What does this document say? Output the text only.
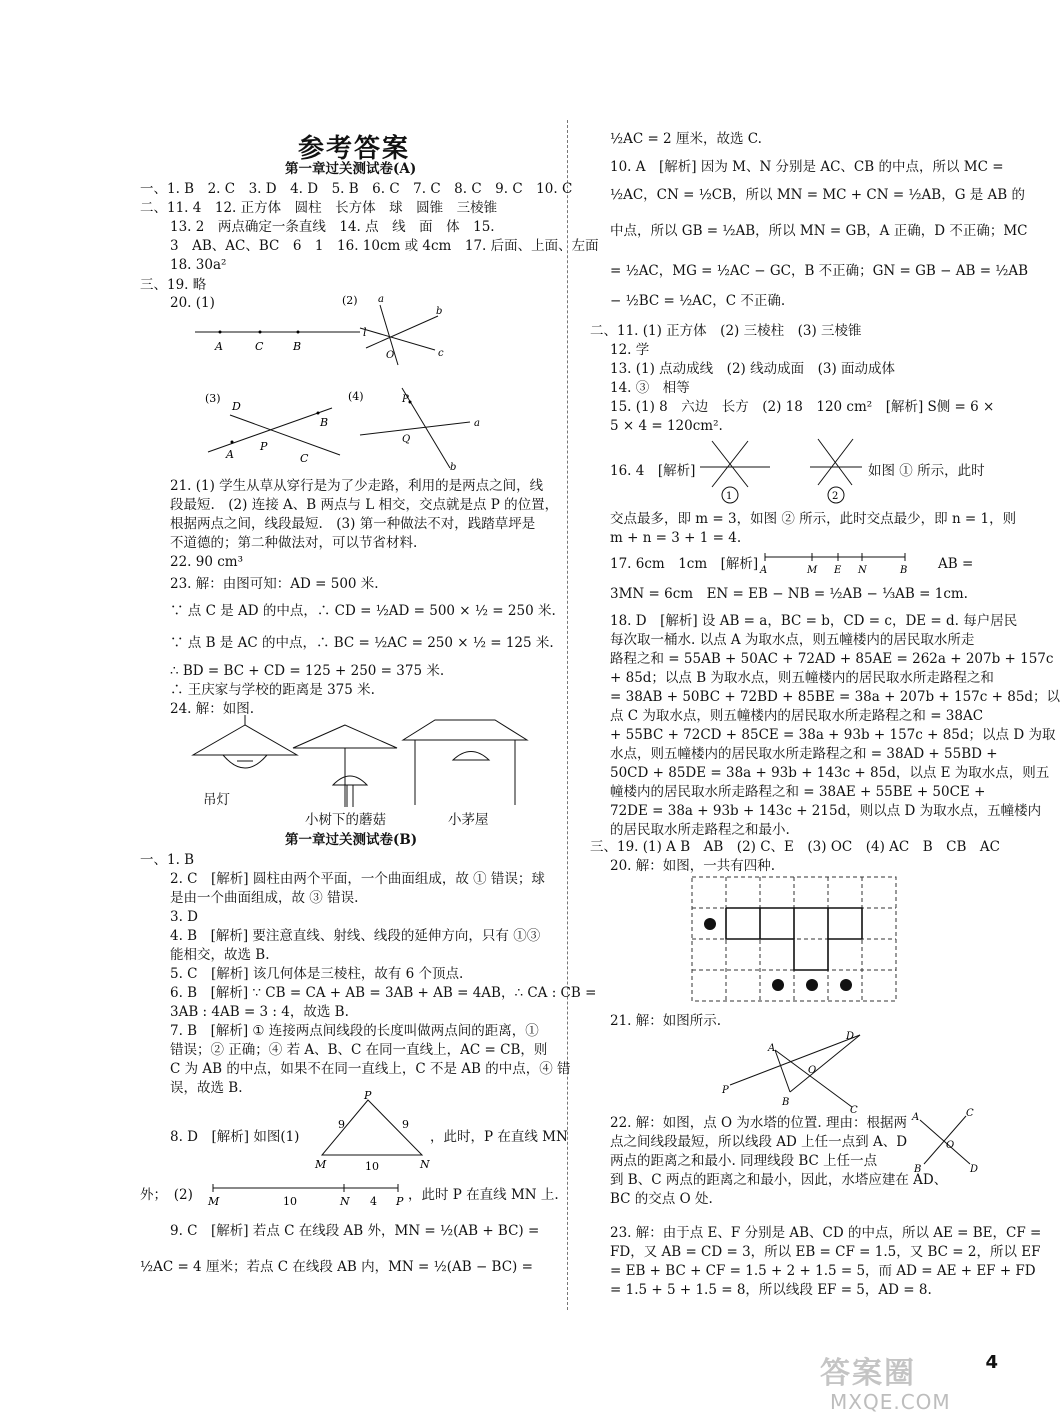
参考答案
第一章过关测试卷(A)
一、1. B　2. C　3. D　4. D　5. B　6. C　7. C　8. C　9. C　10. C
二、11. 4　12. 正方体　圆柱　长方体　球　圆锥　三棱锥
13. 2　两点确定一条直线　14. 点　线　面　体　15.
3　AB、AC、BC　6　1　16. 10cm 或 4cm　17. 后面、上面、左面
18. 30a²
三、19. 略
20. (1)
A	C	B
l
(2) a
b
c
O
(3)
D
B
A
P
C
(4)	P
Q
a
b
21. (1) 学生从草从穿行是为了少走路，利用的是两点之间，线
段最短.　(2) 连接 A、B 两点与 L 相交，交点就是点 P 的位置，
根据两点之间，线段最短.　(3) 第一种做法不对，践踏草坪是
不道德的；第二种做法对，可以节省材料.
22. 90 cm³
23. 解：由图可知：AD = 500 米.
∵ 点 C 是 AD 的中点，∴ CD = ½AD = 500 × ½ = 250 米.
∵ 点 B 是 AC 的中点，∴ BC = ½AC = 250 × ½ = 125 米.
∴ BD = BC + CD = 125 + 250 = 375 米.
∴ 王庆家与学校的距离是 375 米.
24. 解：如图.
吊灯
小树下的蘑菇	小茅屋
第一章过关测试卷(B)
一、1. B
2. C　[解析] 圆柱由两个平面，一个曲面组成，故 ① 错误；球
是由一个曲面组成，故 ③ 错误.
3. D
4. B　[解析] 要注意直线、射线、线段的延伸方向，只有 ①③
能相交，故选 B.
5. C　[解析] 该几何体是三棱柱，故有 6 个顶点.
6. B　[解析] ∵ CB = CA + AB = 3AB + AB = 4AB，∴ CA : CB =
3AB : 4AB = 3 : 4，故选 B.
7. B　[解析] ① 连接两点间线段的长度叫做两点间的距离，①
错误；② 正确；④ 若 A、B、C 在同一直线上，AC = CB，则
C 为 AB 的中点，如果不在同一直线上，C 不是 AB 的中点，④ 错
误，故选 B.	P
9	9
10
M	N
8. D　[解析] 如图(1)	，此时，P 在直线 MN
外；　(2) M	10	N 4 P ，此时 P 在直线 MN 上.
9. C　[解析] 若点 C 在线段 AB 外，MN = ½(AB + BC) =
½AC = 4 厘米；若点 C 在线段 AB 内，MN = ½(AB − BC) =
½AC = 2 厘米，故选 C.
10. A　[解析] 因为 M、N 分别是 AC、CB 的中点，所以 MC =
½AC，CN = ½CB，所以 MN = MC + CN = ½AB，G 是 AB 的
中点，所以 GB = ½AB，所以 MN = GB，A 正确，D 不正确；MC
= ½AC，MG = ½AC − GC，B 不正确；GN = GB − AB = ½AB
− ½BC = ½AC，C 不正确.
二、11. (1) 正方体　(2) 三棱柱　(3) 三棱锥
12. 学
13. (1) 点动成线　(2) 线动成面　(3) 面动成体
14. ③　相等
15. (1) 8　六边　长方　(2) 18　120 cm²　[解析] S侧 = 6 ×
5 × 4 = 120cm².
16. 4　[解析]
1	2
如图 ① 所示，此时
交点最多，即 m = 3，如图 ② 所示，此时交点最少，即 n = 1，则
m + n = 3 + 1 = 4.
17. 6cm　1cm　[解析] A	M E N	B AB =
3MN = 6cm　EN = EB − NB = ½AB − ⅓AB = 1cm.
18. D　[解析] 设 AB = a，BC = b，CD = c，DE = d. 每户居民
每次取一桶水. 以点 A 为取水点，则五幢楼内的居民取水所走
路程之和 = 55AB + 50AC + 72AD + 85AE = 262a + 207b + 157c
+ 85d；以点 B 为取水点，则五幢楼内的居民取水所走路程之和
= 38AB + 50BC + 72BD + 85BE = 38a + 207b + 157c + 85d；以
点 C 为取水点，则五幢楼内的居民取水所走路程之和 = 38AC
+ 55BC + 72CD + 85CE = 38a + 93b + 157c + 85d；以点 D 为取
水点，则五幢楼内的居民取水所走路程之和 = 38AD + 55BD +
50CD + 85DE = 38a + 93b + 143c + 85d，以点 E 为取水点，则五
幢楼内的居民取水所走路程之和 = 38AE + 55BE + 50CE +
72DE = 38a + 93b + 143c + 215d，则以点 D 为取水点，五幢楼内
的居民取水所走路程之和最小.
三、19. (1) A B　AB　(2) C、E　(3) OC　(4) AC　B　CB　AC
20. 解：如图，一共有四种.
21. 解：如图所示.
A
D
O
P
B
C
22. 解：如图，点 O 为水塔的位置. 理由：根据两
点之间线段最短，所以线段 AD 上任一点到 A、D
两点的距离之和最小. 同理线段 BC 上任一点
到 B、C 两点的距离之和最小，因此，水塔应建在 AD、
BC 的交点 O 处.
A	C
B	D
O
23. 解：由于点 E、F 分别是 AB、CD 的中点，所以 AE = BE，CF =
FD，又 AB = CD = 3，所以 EB = CF = 1.5，又 BC = 2，所以 EF
= EB + BC + CF = 1.5 + 2 + 1.5 = 5，而 AD = AE + EF + FD
= 1.5 + 5 + 1.5 = 8，所以线段 EF = 5，AD = 8.
4
答案圈
MXQE.COM
